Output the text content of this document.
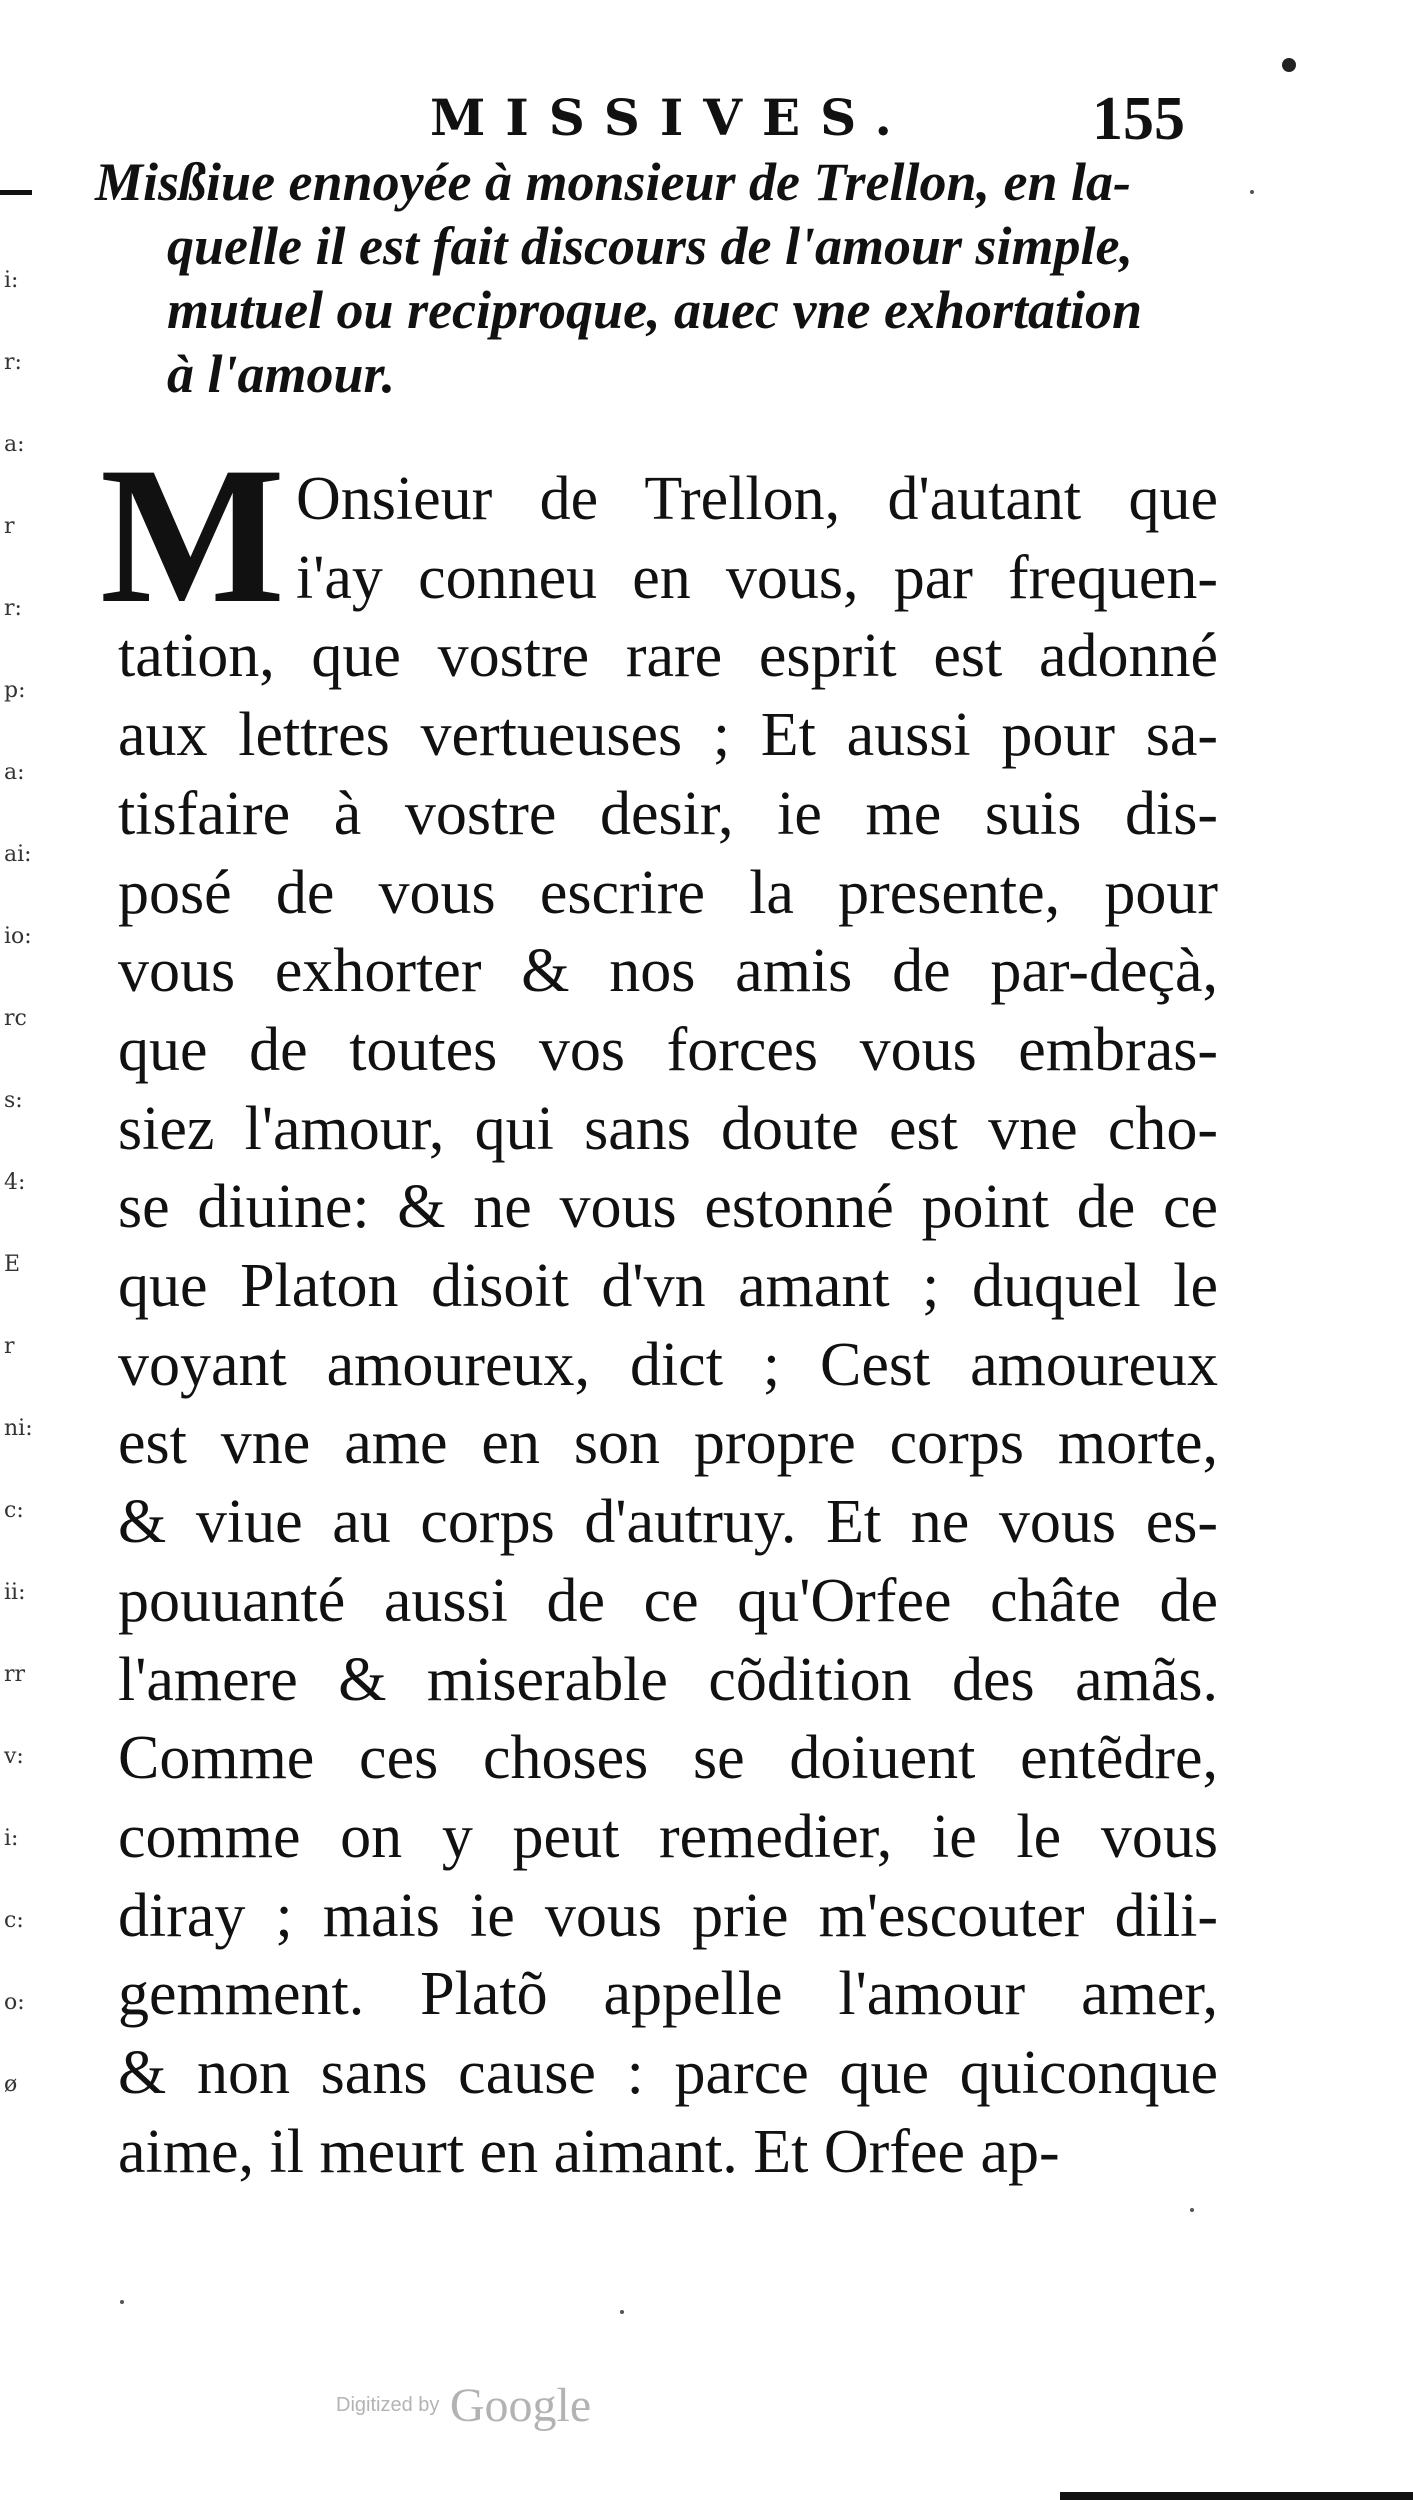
i:
r:
a:
r
r:
p:
a:
ai:
io:
rc
s:
4:
E
r
ni:
c:
ii:
rr
v:
i:
c:
o:
ø
MISSIVES.	155
Misßiue ennoyée à monsieur de Trellon, en la-
quelle il est fait discours de l'amour simple,
mutuel ou reciproque, auec vne exhortation
à l'amour.
M Onsieur de Trellon, d'autant que
i'ay conneu en vous, par frequen-
tation, que vostre rare esprit est adonné
aux lettres vertueuses ; Et aussi pour sa-
tisfaire à vostre desir, ie me suis dis-
posé de vous escrire la presente, pour
vous exhorter & nos amis de par-deçà,
que de toutes vos forces vous embras-
siez l'amour, qui sans doute est vne cho-
se diuine: & ne vous estonné point de ce
que Platon disoit d'vn amant ; duquel le
voyant amoureux, dict ; Cest amoureux
est vne ame en son propre corps morte,
& viue au corps d'autruy. Et ne vous es-
pouuanté aussi de ce qu'Orfee châte de
l'amere & miserable cõdition des amãs.
Comme ces choses se doiuent entẽdre,
comme on y peut remedier, ie le vous
diray ; mais ie vous prie m'escouter dili-
gemment. Platõ appelle l'amour amer,
& non sans cause : parce que quiconque
aime, il meurt en aimant. Et Orfee ap-
Digitized by Google
